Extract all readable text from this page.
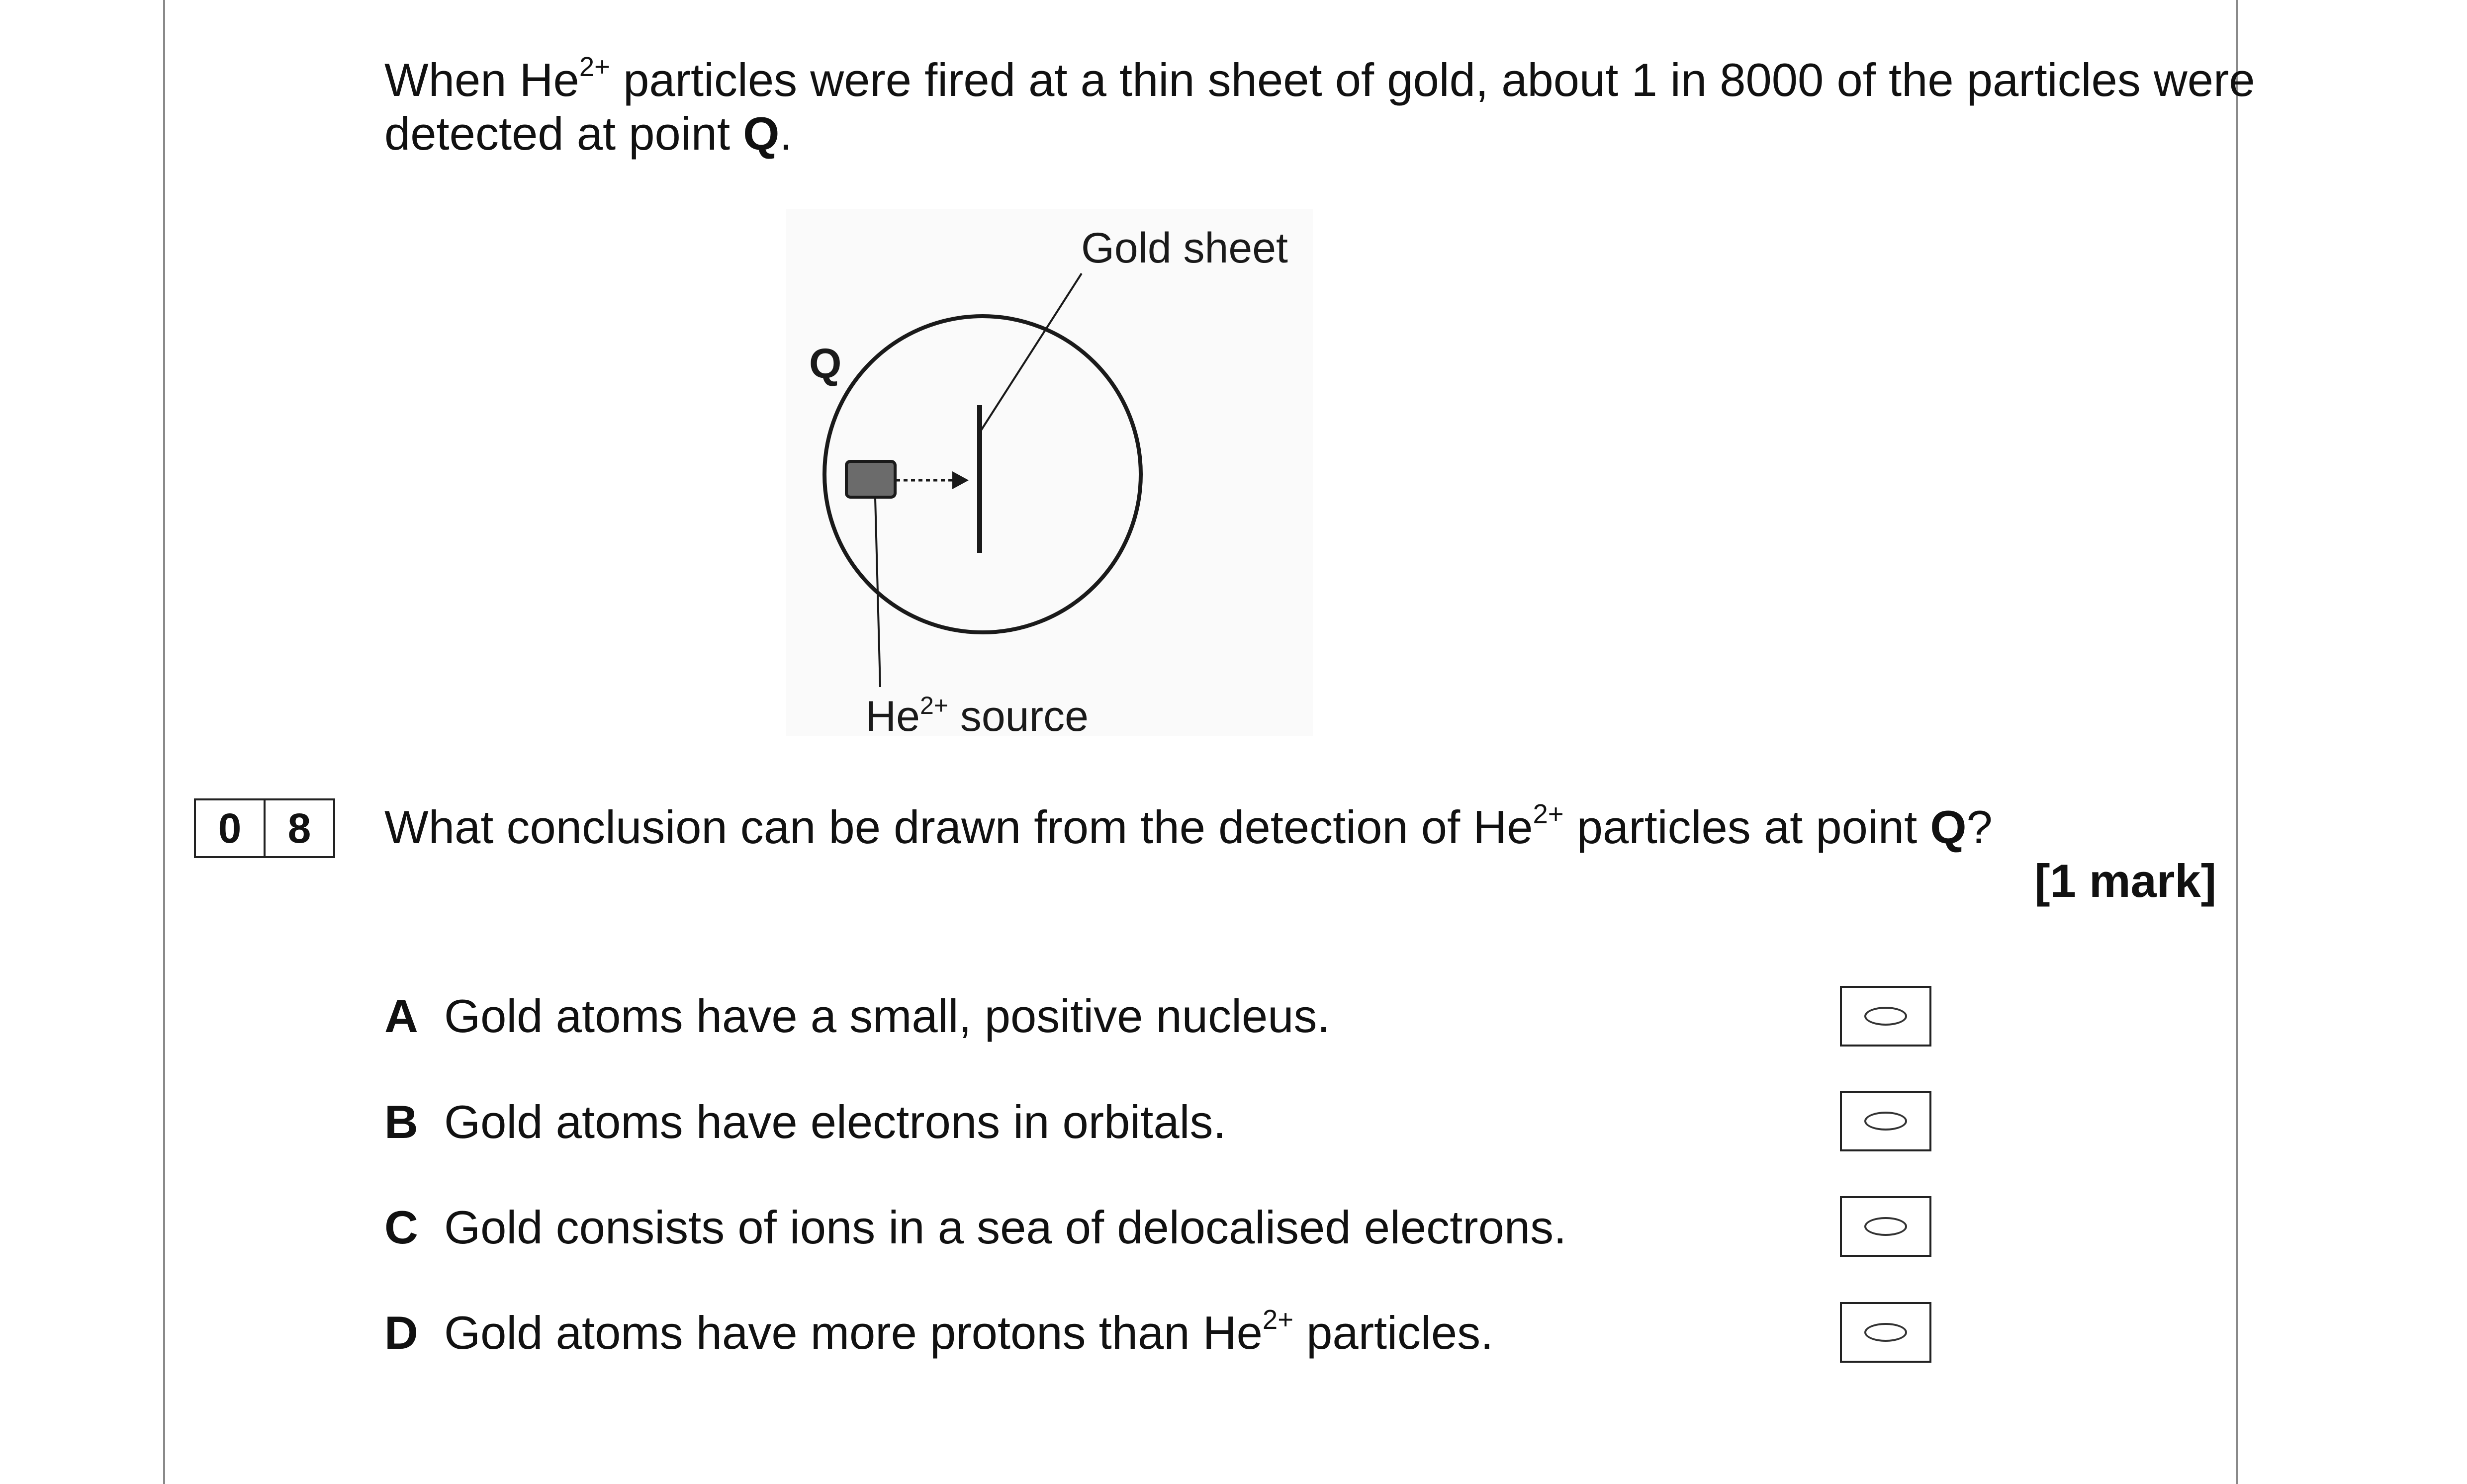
When $He^{2+}$ particles were fired at a thin sheet of gold, about 1 in 8000 of the particles were
detected at point Q.
Gold sheet
Q
$He^{2+}$ source
0	8	What conclusion can be drawn from the detection of $He^{2+}$ particles at point Q?
[1 mark]
A Gold atoms have a small, positive nucleus.
B Gold atoms have electrons in orbitals.
C Gold consists of ions in a sea of delocalised electrons.
D Gold atoms have more protons than $He^{2+}$ particles.
